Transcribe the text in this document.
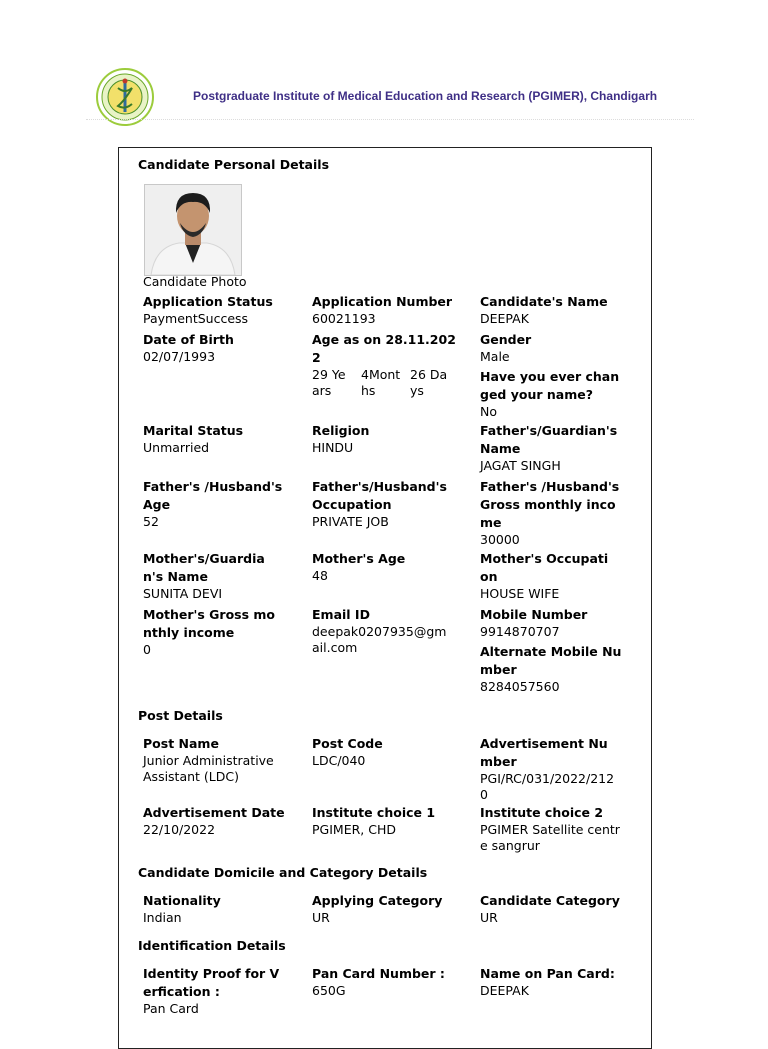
Postgraduate Institute of Medical Education and Research (PGIMER), Chandigarh
Candidate Personal Details
Candidate Photo
Application Status
PaymentSuccess
Application Number
60021193
Candidate's Name
DEEPAK
Date of Birth
02/07/1993
Age as on 28.11.2022
29 Years
4Months
26 Days
Gender
Male
Have you ever changed your name?
No
Marital Status
Unmarried
Religion
HINDU
Father's/Guardian's Name
JAGAT SINGH
Father's /Husband's Age
52
Father's/Husband's Occupation
PRIVATE JOB
Father's /Husband's Gross monthly income
30000
Mother's/Guardian's Name
SUNITA DEVI
Mother's Age
48
Mother's Occupation
HOUSE WIFE
Mother's Gross monthly income
0
Email ID
deepak0207935@gmail.com
Mobile Number
9914870707
Alternate Mobile Number
8284057560
Post Details
Post Name
Junior Administrative Assistant (LDC)
Post Code
LDC/040
Advertisement Number
PGI/RC/031/2022/2120
Advertisement Date
22/10/2022
Institute choice 1
PGIMER, CHD
Institute choice 2
PGIMER Satellite centre sangrur
Candidate Domicile and Category Details
Nationality
Indian
Applying Category
UR
Candidate Category
UR
Identification Details
Identity Proof for Verfication :
Pan Card
Pan Card Number :
650G
Name on Pan Card:
DEEPAK
